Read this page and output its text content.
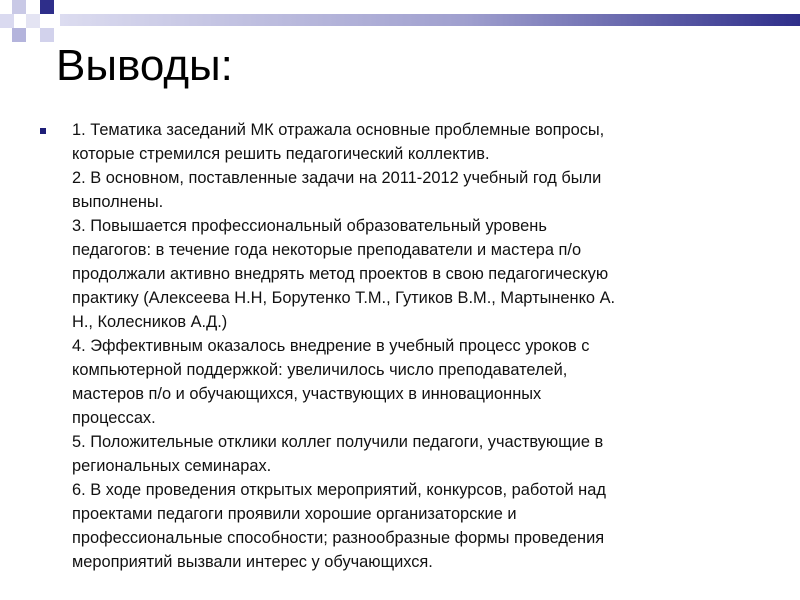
Выводы:
1. Тематика заседаний МК отражала основные проблемные вопросы,
которые стремился решить педагогический коллектив.
2. В основном, поставленные задачи на 2011-2012 учебный год были
выполнены.
3. Повышается профессиональный образовательный уровень
педагогов: в течение года некоторые преподаватели и мастера п/о
продолжали активно внедрять метод проектов в свою педагогическую
практику (Алексеева Н.Н, Борутенко Т.М., Гутиков В.М., Мартыненко А.
Н., Колесников А.Д.)
4. Эффективным оказалось внедрение в учебный процесс уроков с
компьютерной поддержкой: увеличилось число преподавателей,
мастеров п/о и обучающихся, участвующих в инновационных
процессах.
5. Положительные отклики коллег получили педагоги, участвующие в
региональных семинарах.
6. В ходе проведения открытых мероприятий, конкурсов, работой над
проектами педагоги проявили хорошие организаторские и
профессиональные способности; разнообразные формы проведения
мероприятий вызвали интерес у обучающихся.
